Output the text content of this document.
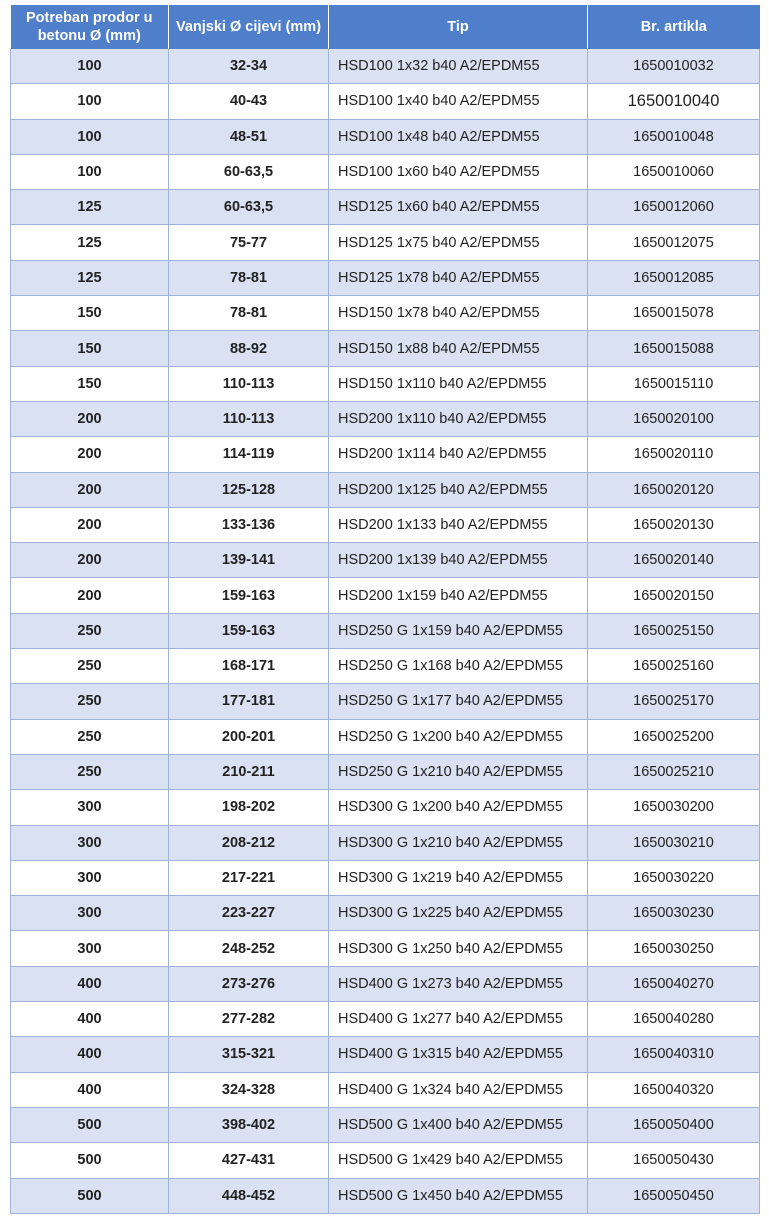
Potreban prodor u betonu Ø (mm)	Vanjski Ø cijevi (mm)	Tip	Br. artikla
100	32-34	HSD100 1x32 b40 A2/EPDM55	1650010032
100	40-43	HSD100 1x40 b40 A2/EPDM55	1650010040
100	48-51	HSD100 1x48 b40 A2/EPDM55	1650010048
100	60-63,5	HSD100 1x60 b40 A2/EPDM55	1650010060
125	60-63,5	HSD125 1x60 b40 A2/EPDM55	1650012060
125	75-77	HSD125 1x75 b40 A2/EPDM55	1650012075
125	78-81	HSD125 1x78 b40 A2/EPDM55	1650012085
150	78-81	HSD150 1x78 b40 A2/EPDM55	1650015078
150	88-92	HSD150 1x88 b40 A2/EPDM55	1650015088
150	110-113	HSD150 1x110 b40 A2/EPDM55	1650015110
200	110-113	HSD200 1x110 b40 A2/EPDM55	1650020100
200	114-119	HSD200 1x114 b40 A2/EPDM55	1650020110
200	125-128	HSD200 1x125 b40 A2/EPDM55	1650020120
200	133-136	HSD200 1x133 b40 A2/EPDM55	1650020130
200	139-141	HSD200 1x139 b40 A2/EPDM55	1650020140
200	159-163	HSD200 1x159 b40 A2/EPDM55	1650020150
250	159-163	HSD250 G 1x159 b40 A2/EPDM55	1650025150
250	168-171	HSD250 G 1x168 b40 A2/EPDM55	1650025160
250	177-181	HSD250 G 1x177 b40 A2/EPDM55	1650025170
250	200-201	HSD250 G 1x200 b40 A2/EPDM55	1650025200
250	210-211	HSD250 G 1x210 b40 A2/EPDM55	1650025210
300	198-202	HSD300 G 1x200 b40 A2/EPDM55	1650030200
300	208-212	HSD300 G 1x210 b40 A2/EPDM55	1650030210
300	217-221	HSD300 G 1x219 b40 A2/EPDM55	1650030220
300	223-227	HSD300 G 1x225 b40 A2/EPDM55	1650030230
300	248-252	HSD300 G 1x250 b40 A2/EPDM55	1650030250
400	273-276	HSD400 G 1x273 b40 A2/EPDM55	1650040270
400	277-282	HSD400 G 1x277 b40 A2/EPDM55	1650040280
400	315-321	HSD400 G 1x315 b40 A2/EPDM55	1650040310
400	324-328	HSD400 G 1x324 b40 A2/EPDM55	1650040320
500	398-402	HSD500 G 1x400 b40 A2/EPDM55	1650050400
500	427-431	HSD500 G 1x429 b40 A2/EPDM55	1650050430
500	448-452	HSD500 G 1x450 b40 A2/EPDM55	1650050450
